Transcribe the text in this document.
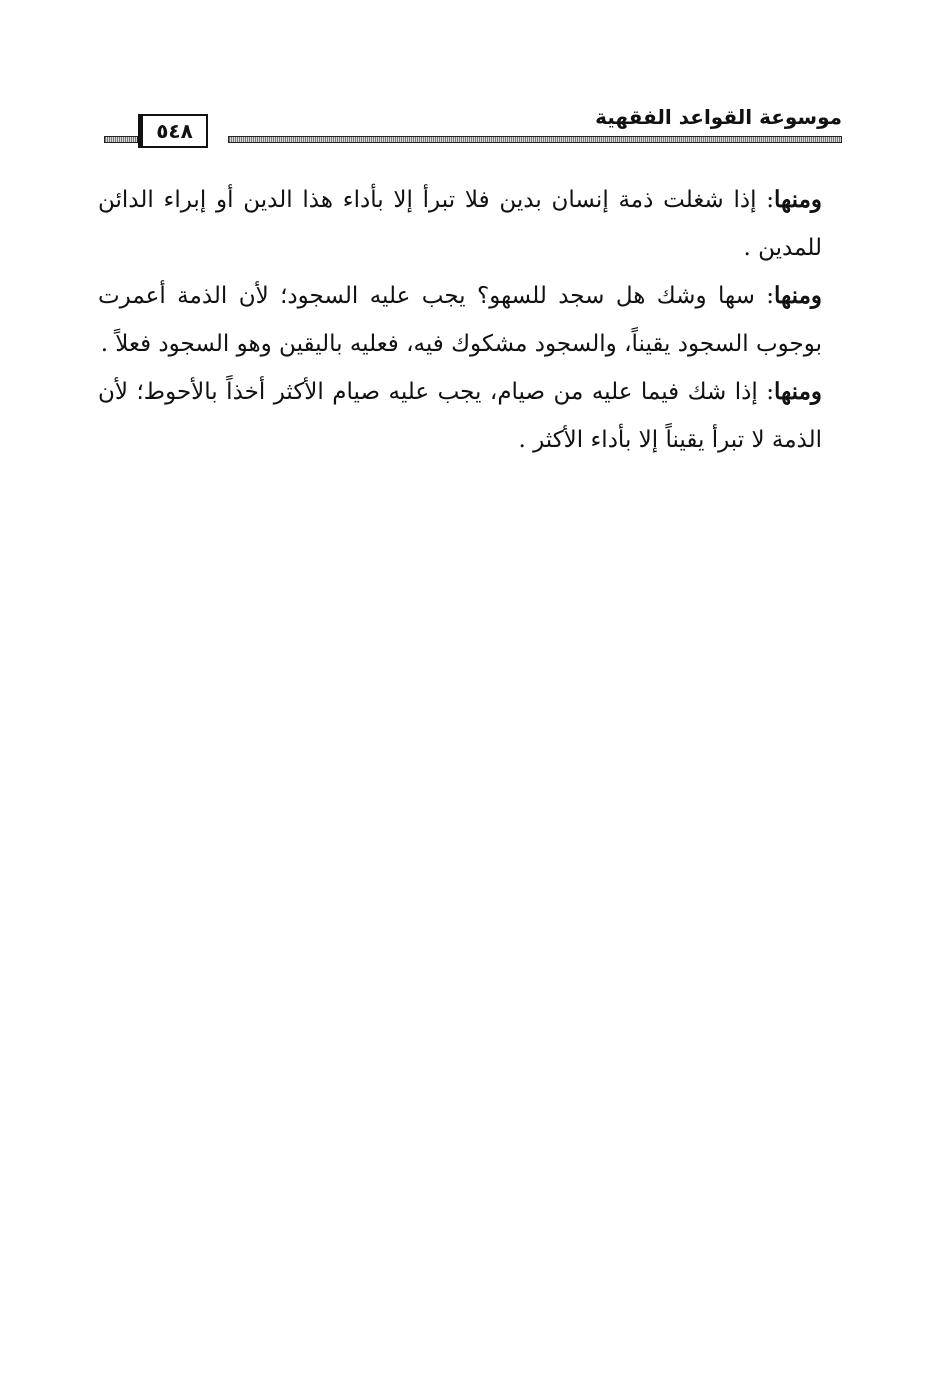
موسوعة القواعد الفقهية
٥٤٨

ومنها: إذا شغلت ذمة إنسان بدين فلا تبرأ إلا بأداء هذا الدين أو إبراء الدائن للمدين .

ومنها: سها وشك هل سجد للسهو؟ يجب عليه السجود؛ لأن الذمة أعمرت بوجوب السجود يقيناً، والسجود مشكوك فيه، فعليه باليقين وهو السجود فعلاً .

ومنها: إذا شك فيما عليه من صيام، يجب عليه صيام الأكثر أخذاً بالأحوط؛ لأن الذمة لا تبرأ يقيناً إلا بأداء الأكثر .
